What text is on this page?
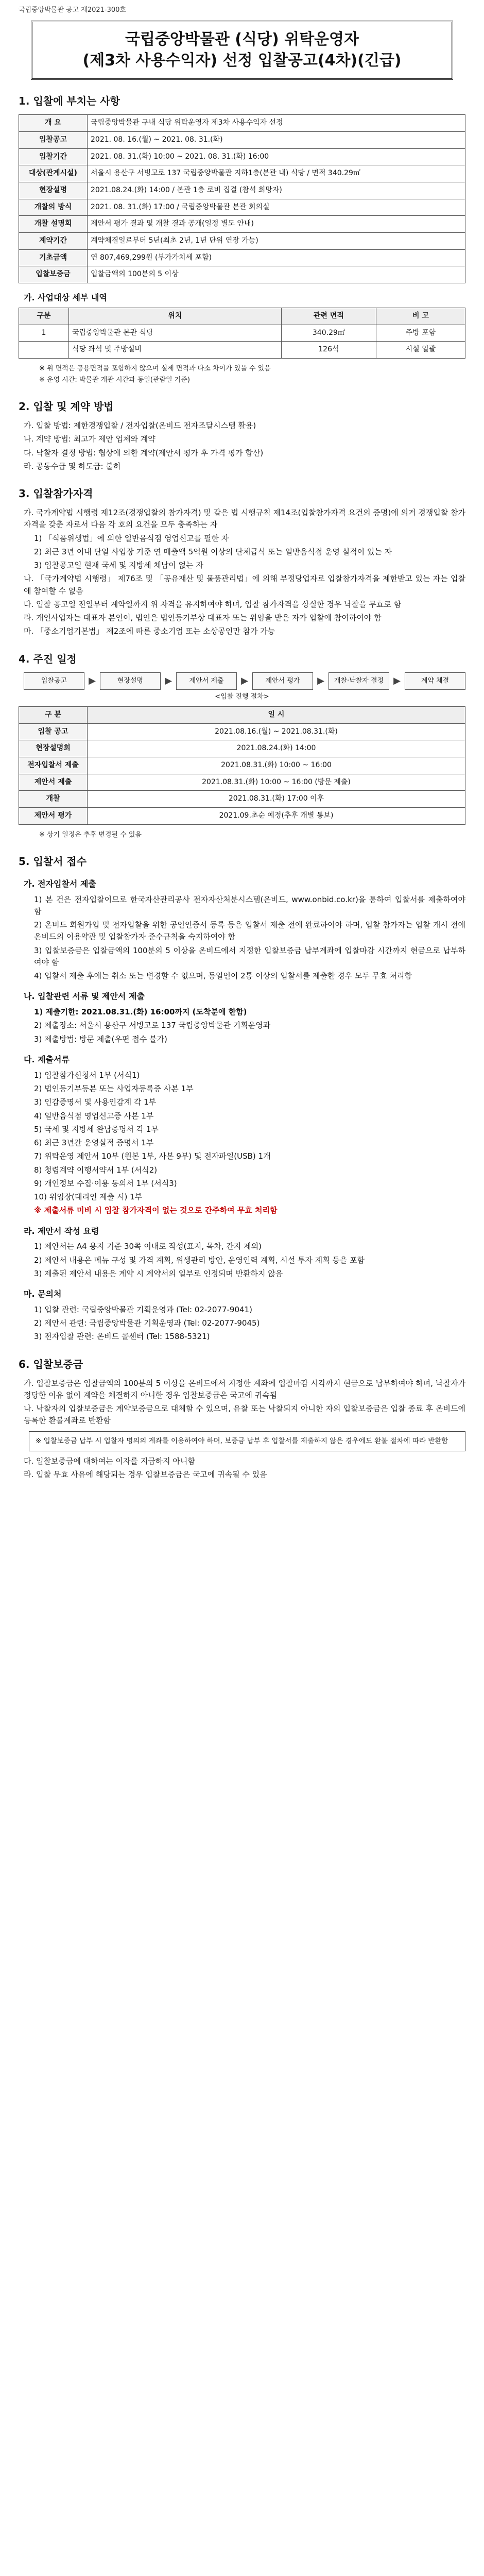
국립중앙박물관 공고 제2021-300호
국립중앙박물관 (식당) 위탁운영자
(제3차 사용수익자) 선정 입찰공고(4차)(긴급)
1. 입찰에 부치는 사항
개 요	국립중앙박물관 구내 식당 위탁운영자 제3차 사용수익자 선정
입찰공고	2021. 08. 16.(월) ~ 2021. 08. 31.(화)
입찰기간	2021. 08. 31.(화) 10:00 ~ 2021. 08. 31.(화) 16:00
대상(관계시설)	서울시 용산구 서빙고로 137 국립중앙박물관 지하1층(본관 내) 식당 / 면적 340.29㎡
현장설명	2021.08.24.(화) 14:00 / 본관 1층 로비 집결 (참석 희망자)
개찰의 방식	2021. 08. 31.(화) 17:00 / 국립중앙박물관 본관 회의실
개찰 설명회	제안서 평가 결과 및 개찰 결과 공개(일정 별도 안내)
계약기간	계약체결일로부터 5년(최초 2년, 1년 단위 연장 가능)
기초금액	연 807,469,299원 (부가가치세 포함)
입찰보증금	입찰금액의 100분의 5 이상
가. 사업대상 세부 내역
구분	위치	관련 면적	비 고
1	국립중앙박물관 본관 식당	340.29㎡	주방 포함
	식당 좌석 및 주방설비	126석	시설 일괄

※ 위 면적은 공용면적을 포함하지 않으며 실제 면적과 다소 차이가 있을 수 있음

※ 운영 시간: 박물관 개관 시간과 동일(관람일 기준)

2. 입찰 및 계약 방법

가. 입찰 방법: 제한경쟁입찰 / 전자입찰(온비드 전자조달시스템 활용)

나. 계약 방법: 최고가 제안 업체와 계약

다. 낙찰자 결정 방법: 협상에 의한 계약(제안서 평가 후 가격 평가 합산)

라. 공동수급 및 하도급: 불허

3. 입찰참가자격

가. 국가계약법 시행령 제12조(경쟁입찰의 참가자격) 및 같은 법 시행규칙 제14조(입찰참가자격 요건의 증명)에 의거 경쟁입찰 참가자격을 갖춘 자로서 다음 각 호의 요건을 모두 충족하는 자

1) 「식품위생법」에 의한 일반음식점 영업신고를 필한 자

2) 최근 3년 이내 단일 사업장 기준 연 매출액 5억원 이상의 단체급식 또는 일반음식점 운영 실적이 있는 자

3) 입찰공고일 현재 국세 및 지방세 체납이 없는 자

나. 「국가계약법 시행령」 제76조 및 「공유재산 및 물품관리법」에 의해 부정당업자로 입찰참가자격을 제한받고 있는 자는 입찰에 참여할 수 없음

다. 입찰 공고일 전일부터 계약일까지 위 자격을 유지하여야 하며, 입찰 참가자격을 상실한 경우 낙찰을 무효로 함

라. 개인사업자는 대표자 본인이, 법인은 법인등기부상 대표자 또는 위임을 받은 자가 입찰에 참여하여야 함

마. 「중소기업기본법」 제2조에 따른 중소기업 또는 소상공인만 참가 가능

4. 주진 일정
입찰공고	▶	현장설명	▶	제안서 제출	▶	제안서 평가	▶	개찰·낙찰자 결정	▶	계약 체결
<입찰 진행 절차>
구 분	일 시
입찰 공고	2021.08.16.(월) ~ 2021.08.31.(화)
현장설명회	2021.08.24.(화) 14:00
전자입찰서 제출	2021.08.31.(화) 10:00 ~ 16:00
제안서 제출	2021.08.31.(화) 10:00 ~ 16:00 (방문 제출)
개찰	2021.08.31.(화) 17:00 이후
제안서 평가	2021.09.초순 예정(추후 개별 통보)

※ 상기 일정은 추후 변경될 수 있음

5. 입찰서 접수
가. 전자입찰서 제출

1) 본 건은 전자입찰이므로 한국자산관리공사 전자자산처분시스템(온비드, www.onbid.co.kr)을 통하여 입찰서를 제출하여야 함

2) 온비드 회원가입 및 전자입찰을 위한 공인인증서 등록 등은 입찰서 제출 전에 완료하여야 하며, 입찰 참가자는 입찰 개시 전에 온비드의 이용약관 및 입찰참가자 준수규칙을 숙지하여야 함

3) 입찰보증금은 입찰금액의 100분의 5 이상을 온비드에서 지정한 입찰보증금 납부계좌에 입찰마감 시간까지 현금으로 납부하여야 함

4) 입찰서 제출 후에는 취소 또는 변경할 수 없으며, 동일인이 2통 이상의 입찰서를 제출한 경우 모두 무효 처리함

나. 입찰관련 서류 및 제안서 제출

1) 제출기한: 2021.08.31.(화) 16:00까지 (도착분에 한함)

2) 제출장소: 서울시 용산구 서빙고로 137 국립중앙박물관 기획운영과

3) 제출방법: 방문 제출(우편 접수 불가)

다. 제출서류

1) 입찰참가신청서 1부 (서식1)

2) 법인등기부등본 또는 사업자등록증 사본 1부

3) 인감증명서 및 사용인감계 각 1부

4) 일반음식점 영업신고증 사본 1부

5) 국세 및 지방세 완납증명서 각 1부

6) 최근 3년간 운영실적 증명서 1부

7) 위탁운영 제안서 10부 (원본 1부, 사본 9부) 및 전자파일(USB) 1개

8) 청렴계약 이행서약서 1부 (서식2)

9) 개인정보 수집·이용 동의서 1부 (서식3)

10) 위임장(대리인 제출 시) 1부

※ 제출서류 미비 시 입찰 참가자격이 없는 것으로 간주하여 무효 처리함

라. 제안서 작성 요령

1) 제안서는 A4 용지 기준 30쪽 이내로 작성(표지, 목차, 간지 제외)

2) 제안서 내용은 메뉴 구성 및 가격 계획, 위생관리 방안, 운영인력 계획, 시설 투자 계획 등을 포함

3) 제출된 제안서 내용은 계약 시 계약서의 일부로 인정되며 반환하지 않음

마. 문의처

1) 입찰 관련: 국립중앙박물관 기획운영과 (Tel: 02-2077-9041)

2) 제안서 관련: 국립중앙박물관 기획운영과 (Tel: 02-2077-9045)

3) 전자입찰 관련: 온비드 콜센터 (Tel: 1588-5321)

6. 입찰보증금

가. 입찰보증금은 입찰금액의 100분의 5 이상을 온비드에서 지정한 계좌에 입찰마감 시각까지 현금으로 납부하여야 하며, 낙찰자가 정당한 이유 없이 계약을 체결하지 아니한 경우 입찰보증금은 국고에 귀속됨

나. 낙찰자의 입찰보증금은 계약보증금으로 대체할 수 있으며, 유찰 또는 낙찰되지 아니한 자의 입찰보증금은 입찰 종료 후 온비드에 등록한 환불계좌로 반환함

※ 입찰보증금 납부 시 입찰자 명의의 계좌를 이용하여야 하며, 보증금 납부 후 입찰서를 제출하지 않은 경우에도 환불 절차에 따라 반환함

다. 입찰보증금에 대하여는 이자를 지급하지 아니함

라. 입찰 무효 사유에 해당되는 경우 입찰보증금은 국고에 귀속될 수 있음
